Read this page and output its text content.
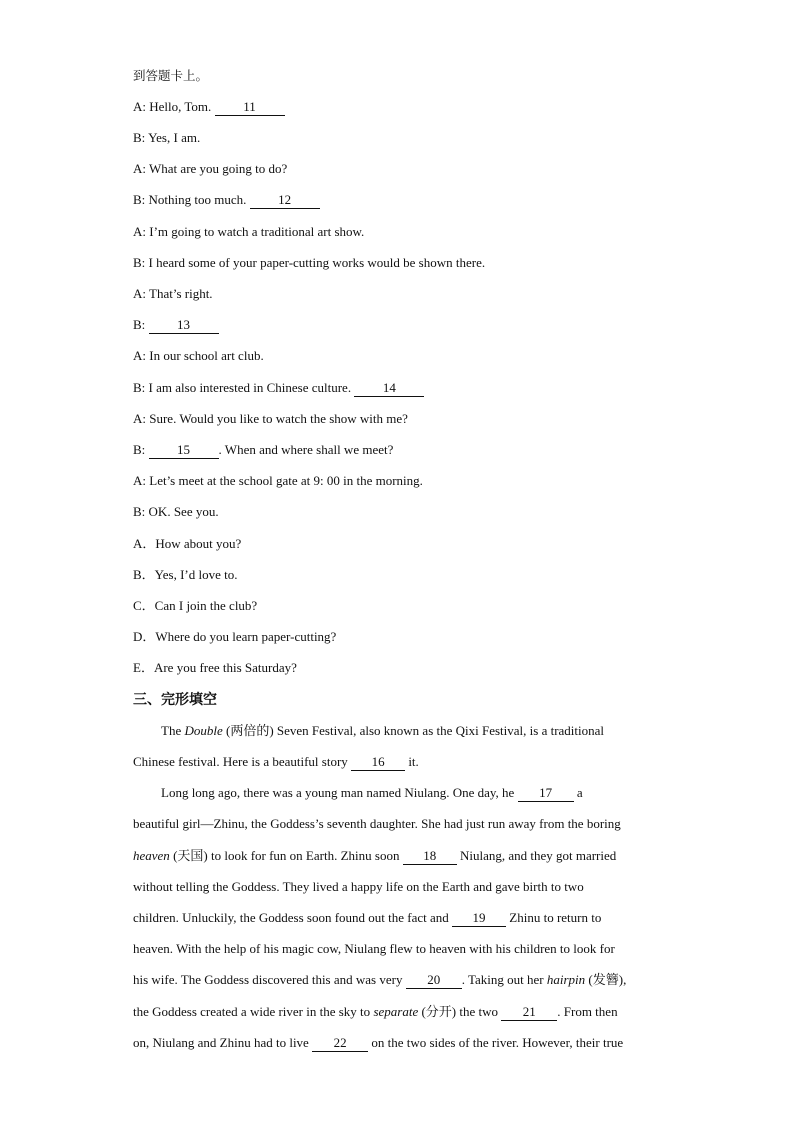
到答题卡上。
A: Hello, Tom. 11
B: Yes, I am.
A: What are you going to do?
B: Nothing too much. 12
A: I’m going to watch a traditional art show.
B: I heard some of your paper-cutting works would be shown there.
A: That’s right.
B: 13
A: In our school art club.
B: I am also interested in Chinese culture. 14
A: Sure. Would you like to watch the show with me?
B: 15 . When and where shall we meet?
A: Let’s meet at the school gate at 9: 00 in the morning.
B: OK. See you.
A．How about you?
B．Yes, I’d love to.
C．Can I join the club?
D．Where do you learn paper-cutting?
E．Are you free this Saturday?
三、完形填空
The Double (两倍的) Seven Festival, also known as the Qixi Festival, is a traditional
Chinese festival. Here is a beautiful story 16 it.
Long long ago, there was a young man named Niulang. One day, he 17 a
beautiful girl—Zhinu, the Goddess’s seventh daughter. She had just run away from the boring
heaven (天国) to look for fun on Earth. Zhinu soon 18 Niulang, and they got married
without telling the Goddess. They lived a happy life on the Earth and gave birth to two
children. Unluckily, the Goddess soon found out the fact and 19 Zhinu to return to
heaven. With the help of his magic cow, Niulang flew to heaven with his children to look for
his wife. The Goddess discovered this and was very 20 . Taking out her hairpin (发簪),
the Goddess created a wide river in the sky to separate (分开) the two 21 . From then
on, Niulang and Zhinu had to live 22 on the two sides of the river. However, their true
